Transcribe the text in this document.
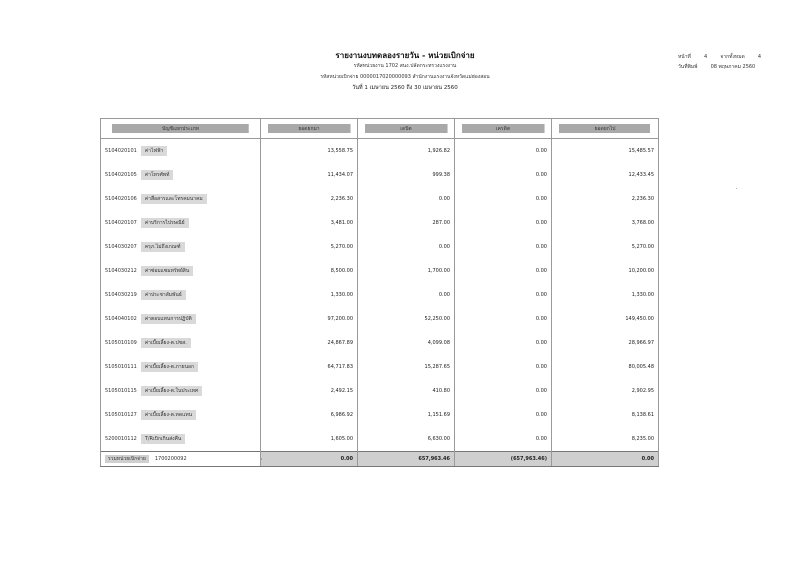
รายงานงบทดลองรายวัน - หน่วยเบิกจ่าย
รหัสหน่วยงาน 1702 สนง.ปลัดกระทรวงแรงงาน
รหัสหน่วยเบิกจ่าย 0000017020000093 สำนักงานแรงงานจังหวัดแม่ฮ่องสอน
วันที่ 1 เมษายน 2560 ถึง 30 เมษายน 2560
หน้าที่	4	จากทั้งหมด	4
วันที่พิมพ์	08 พฤษภาคม 2560
บัญชีแยกประเภท	ยอดยกมา	เดบิต	เครดิต	ยอดยกไป
5104020101 ค่าไฟฟ้า	13,558.75	1,926.82	0.00	15,485.57
5104020105 ค่าโทรศัพท์	11,434.07	999.38	0.00	12,433.45
5104020106 ค่าสื่อสารและโทรคมนาคม	2,236.30	0.00	0.00	2,236.30
5104020107 ค่าบริการไปรษณีย์	3,481.00	287.00	0.00	3,768.00
5104030207 ครุภ.ไม่ถึงเกณฑ์	5,270.00	0.00	0.00	5,270.00
5104030212 ค่าซ่อมแซมทรัพย์สิน	8,500.00	1,700.00	0.00	10,200.00
5104030219 ค่าประชาสัมพันธ์	1,330.00	0.00	0.00	1,330.00
5104040102 ค่าตอบแทนการปฏิบัติ	97,200.00	52,250.00	0.00	149,450.00
5105010109 ค่าเบี้ยเลี้ยง-ต.ปชส.	24,867.89	4,099.08	0.00	28,966.97
5105010111 ค่าเบี้ยเลี้ยง-ต.ภายนอก	64,717.83	15,287.65	0.00	80,005.48
5105010115 ค่าเบี้ยเลี้ยง-ต.ในประเทศ	2,492.15	410.80	0.00	2,902.95
5105010127 ค่าเบี้ยเลี้ยง-ต.ทดแทน	6,986.92	1,151.69	0.00	8,138.61
5200010112 T/Rเบิกเกินส่งคืน	1,605.00	6,630.00	0.00	8,235.00
รวมหน่วยเบิกจ่าย 1700200092	0.00	657,963.46	(657,963.46)	0.00
